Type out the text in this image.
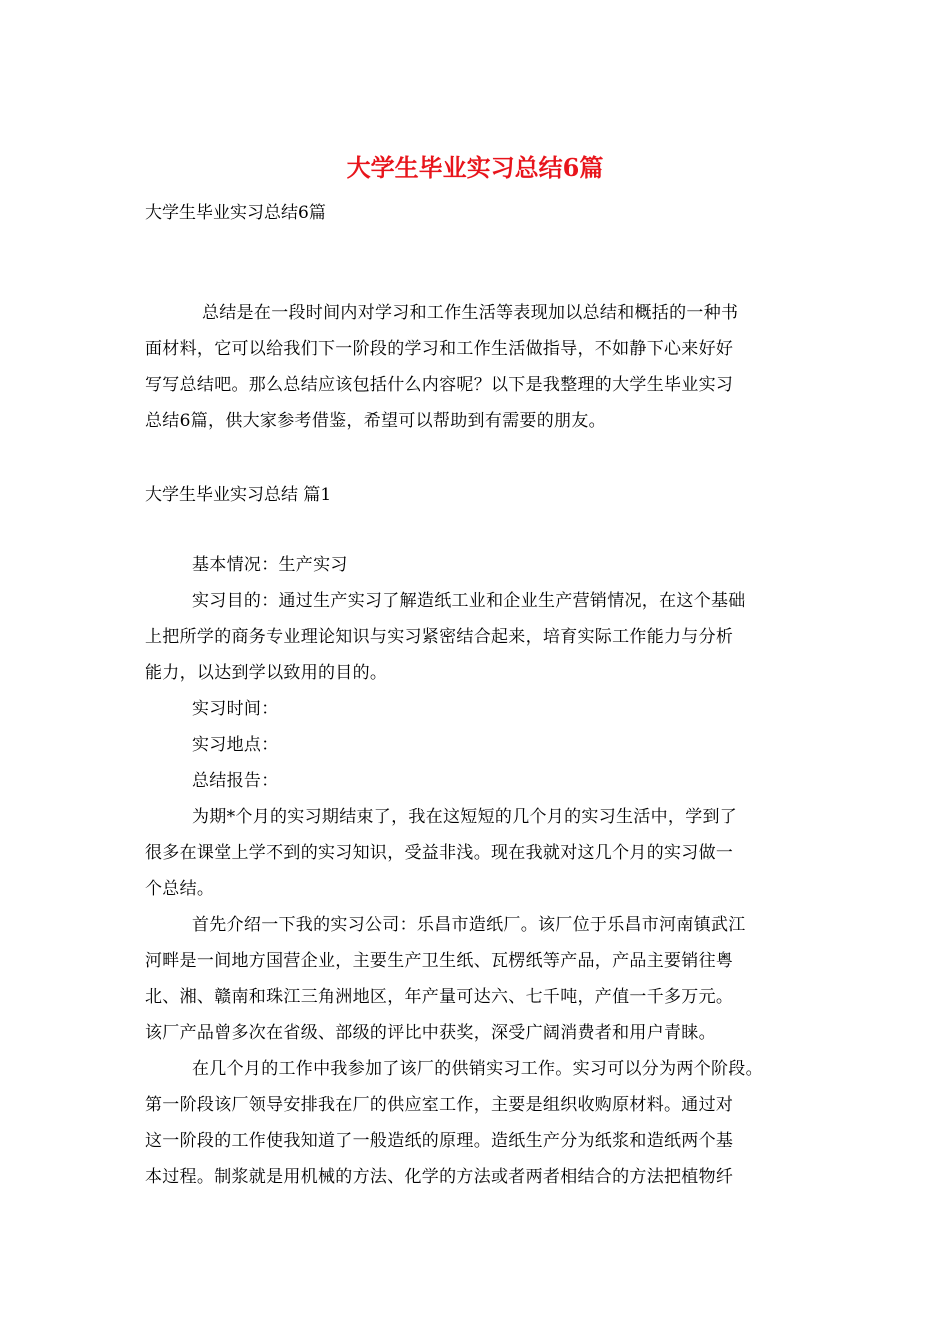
大学生毕业实习总结6篇
大学生毕业实习总结6篇
总结是在一段时间内对学习和工作生活等表现加以总结和概括的一种书
面材料，它可以给我们下一阶段的学习和工作生活做指导，不如静下心来好好
写写总结吧。那么总结应该包括什么内容呢？以下是我整理的大学生毕业实习
总结6篇，供大家参考借鉴，希望可以帮助到有需要的朋友。
大学生毕业实习总结 篇1
基本情况：生产实习
实习目的：通过生产实习了解造纸工业和企业生产营销情况，在这个基础
上把所学的商务专业理论知识与实习紧密结合起来，培育实际工作能力与分析
能力，以达到学以致用的目的。
实习时间：
实习地点：
总结报告：
为期*个月的实习期结束了，我在这短短的几个月的实习生活中，学到了
很多在课堂上学不到的实习知识，受益非浅。现在我就对这几个月的实习做一
个总结。
首先介绍一下我的实习公司：乐昌市造纸厂。该厂位于乐昌市河南镇武江
河畔是一间地方国营企业，主要生产卫生纸、瓦楞纸等产品，产品主要销往粤
北、湘、赣南和珠江三角洲地区，年产量可达六、七千吨，产值一千多万元。
该厂产品曾多次在省级、部级的评比中获奖，深受广阔消费者和用户青睐。
在几个月的工作中我参加了该厂的供销实习工作。实习可以分为两个阶段。
第一阶段该厂领导安排我在厂的供应室工作，主要是组织收购原材料。通过对
这一阶段的工作使我知道了一般造纸的原理。造纸生产分为纸浆和造纸两个基
本过程。制浆就是用机械的方法、化学的方法或者两者相结合的方法把植物纤
